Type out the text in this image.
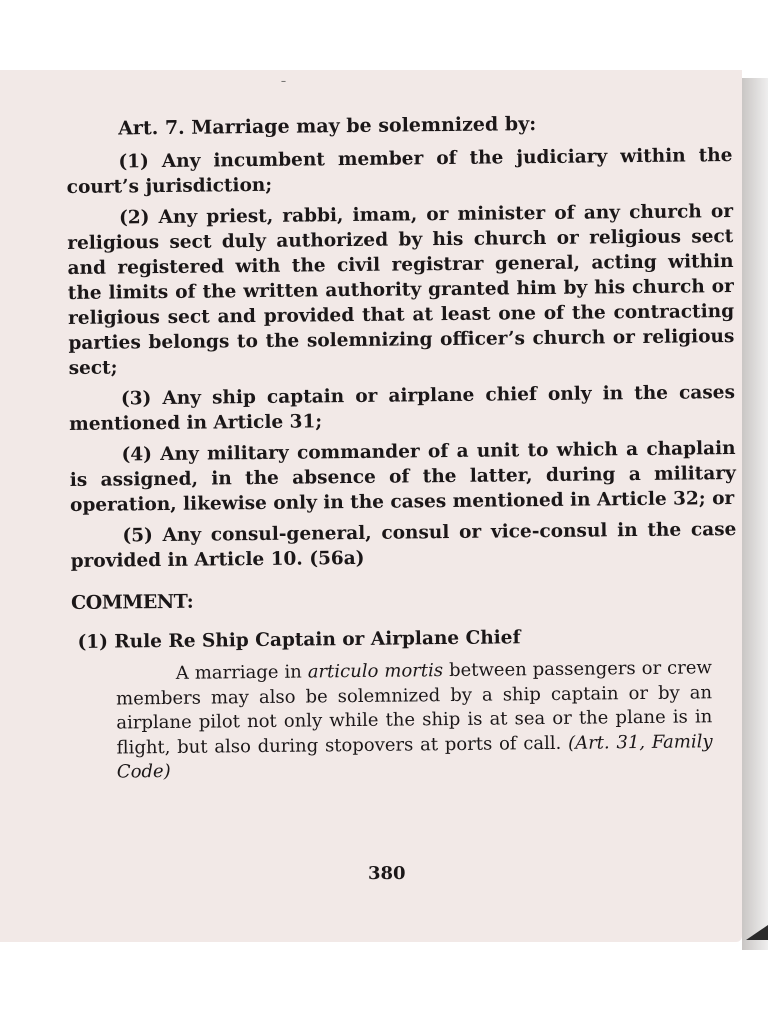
–

Art. 7. Marriage may be solemnized by:

(1) Any incumbent member of the judiciary within the court’s jurisdiction;

(2) Any priest, rabbi, imam, or minister of any church or religious sect duly authorized by his church or religious sect and registered with the civil registrar general, acting within the limits of the written authority granted him by his church or religious sect and provided that at least one of the contracting parties belongs to the solemnizing officer’s church or religious sect;

(3) Any ship captain or airplane chief only in the cases mentioned in Article 31;

(4) Any military commander of a unit to which a chaplain is assigned, in the absence of the latter, during a military operation, likewise only in the cases mentioned in Article 32; or

(5) Any consul-general, consul or vice-consul in the case provided in Article 10. (56a)

COMMENT:

(1) Rule Re Ship Captain or Airplane Chief

A marriage in articulo mortis between passengers or crew members may also be solemnized by a ship captain or by an airplane pilot not only while the ship is at sea or the plane is in flight, but also during stopovers at ports of call. (Art. 31, Family Code)

380
